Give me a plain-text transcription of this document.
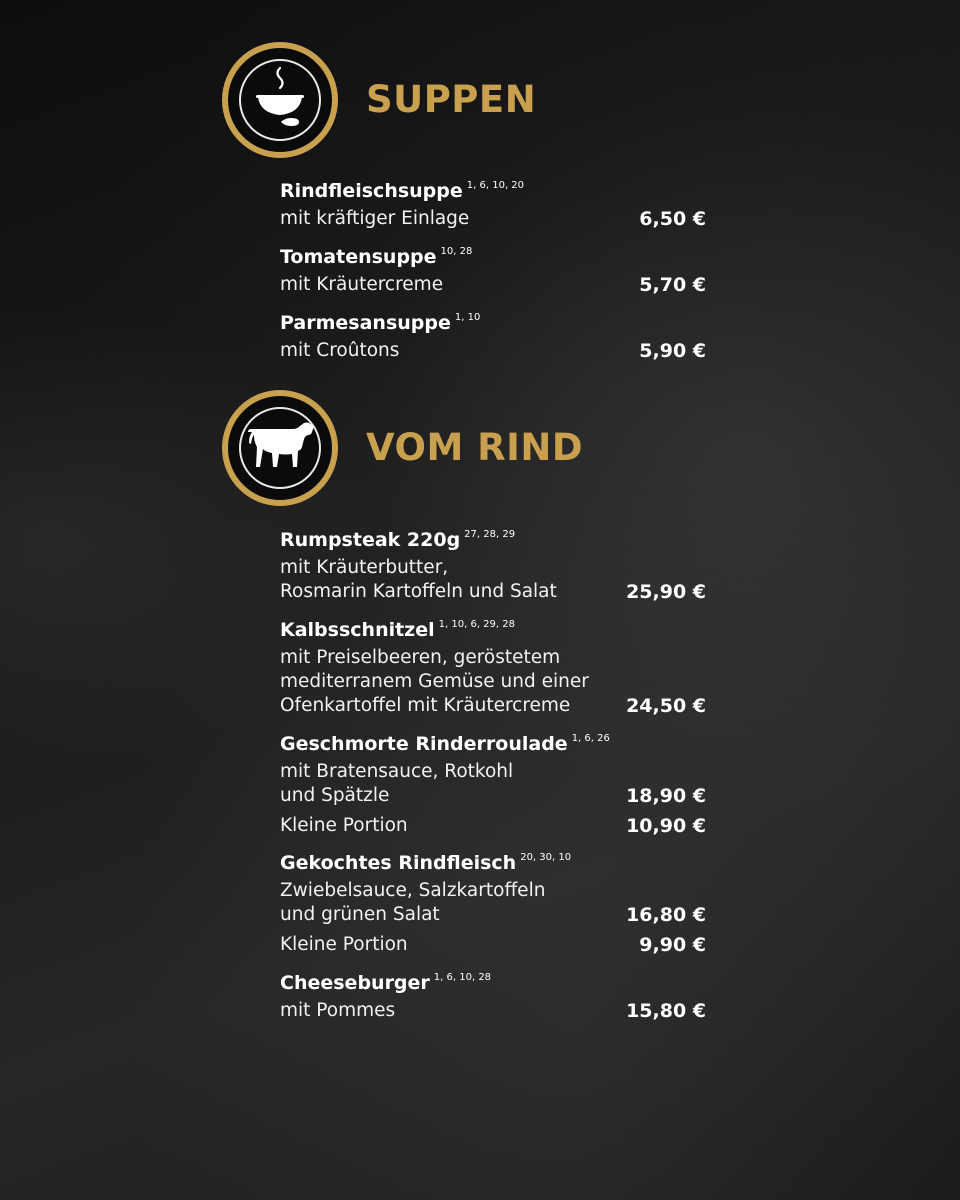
SUPPEN
Rindfleischsuppe $^{1, 6, 10, 20}$
mit kräftiger Einlage	6,50 €
Tomatensuppe $^{10, 28}$
mit Kräutercreme	5,70 €
Parmesansuppe $^{1, 10}$
mit Croûtons	5,90 €
VOM RIND
Rumpsteak 220g $^{27, 28, 29}$
mit Kräuterbutter,
Rosmarin Kartoffeln und Salat	25,90 €
Kalbsschnitzel $^{1, 10, 6, 29, 28}$
mit Preiselbeeren, geröstetem
mediterranem Gemüse und einer
Ofenkartoffel mit Kräutercreme	24,50 €
Geschmorte Rinderroulade $^{1, 6, 26}$
mit Bratensauce, Rotkohl
und Spätzle	18,90 €
Kleine Portion	10,90 €
Gekochtes Rindfleisch $^{20, 30, 10}$
Zwiebelsauce, Salzkartoffeln
und grünen Salat	16,80 €
Kleine Portion	9,90 €
Cheeseburger $^{1, 6, 10, 28}$
mit Pommes	15,80 €
